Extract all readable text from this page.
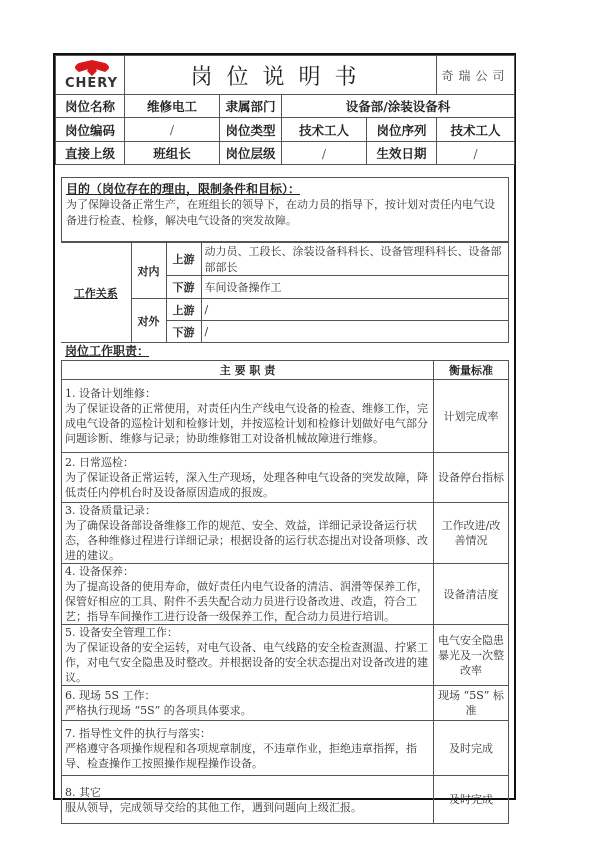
CHERY	岗位说明书				奇瑞公司
岗位名称	维修电工	隶属部门	设备部/涂装设备科		
岗位编码	/	岗位类型	技术工人	岗位序列	技术工人
直接上级	班组长	岗位层级	/	生效日期	/
目的（岗位存在的理由，限制条件和目标）：
为了保障设备正常生产，在班组长的领导下，在动力员的指导下，按计划对责任内电气设备进行检查、检修，解决电气设备的突发故障。
工作关系	对内	上游	动力员、工段长、涂装设备科科长、设备管理科科长、设备部部部长
		下游	车间设备操作工
	对外	上游	/
		下游	/
岗位工作职责：
主 要 职 责	衡量标准

1. 设备计划维修：
为了保证设备的正常使用，对责任内生产线电气设备的检查、维修工作，完成电气设备的巡检计划和检修计划，并按巡检计划和检修计划做好电气部分问题诊断、维修与记录；协助维修钳工对设备机械故障进行维修。	计划完成率

2. 日常巡检：
为了保证设备正常运转，深入生产现场，处理各种电气设备的突发故障，降低责任内停机台时及设备原因造成的报废。	设备停台指标

3. 设备质量记录：
为了确保设备部设备维修工作的规范、安全、效益，详细记录设备运行状态，各种维修过程进行详细记录；根据设备的运行状态提出对设备项修、改进的建议。	工作改进/改善情况

4. 设备保养：
为了提高设备的使用寿命，做好责任内电气设备的清洁、润滑等保养工作，保管好相应的工具、附件不丢失配合动力员进行设备改进、改造，符合工艺；指导车间操作工进行设备一级保养工作，配合动力员进行培训。	设备清洁度

5. 设备安全管理工作：
为了保证设备的安全运转，对电气设备、电气线路的安全检查测温、拧紧工作，对电气安全隐患及时整改。并根据设备的安全状态提出对设备改进的建议。	电气安全隐患暴光及一次整改率

6. 现场 5S 工作：
严格执行现场 “5S” 的各项具体要求。	现场 “5S” 标准

7. 指导性文件的执行与落实：
严格遵守各项操作规程和各项规章制度，不违章作业，拒绝违章指挥，指导、检查操作工按照操作规程操作设备。	及时完成

8. 其它
服从领导，完成领导交给的其他工作，遇到问题向上级汇报。	及时完成
